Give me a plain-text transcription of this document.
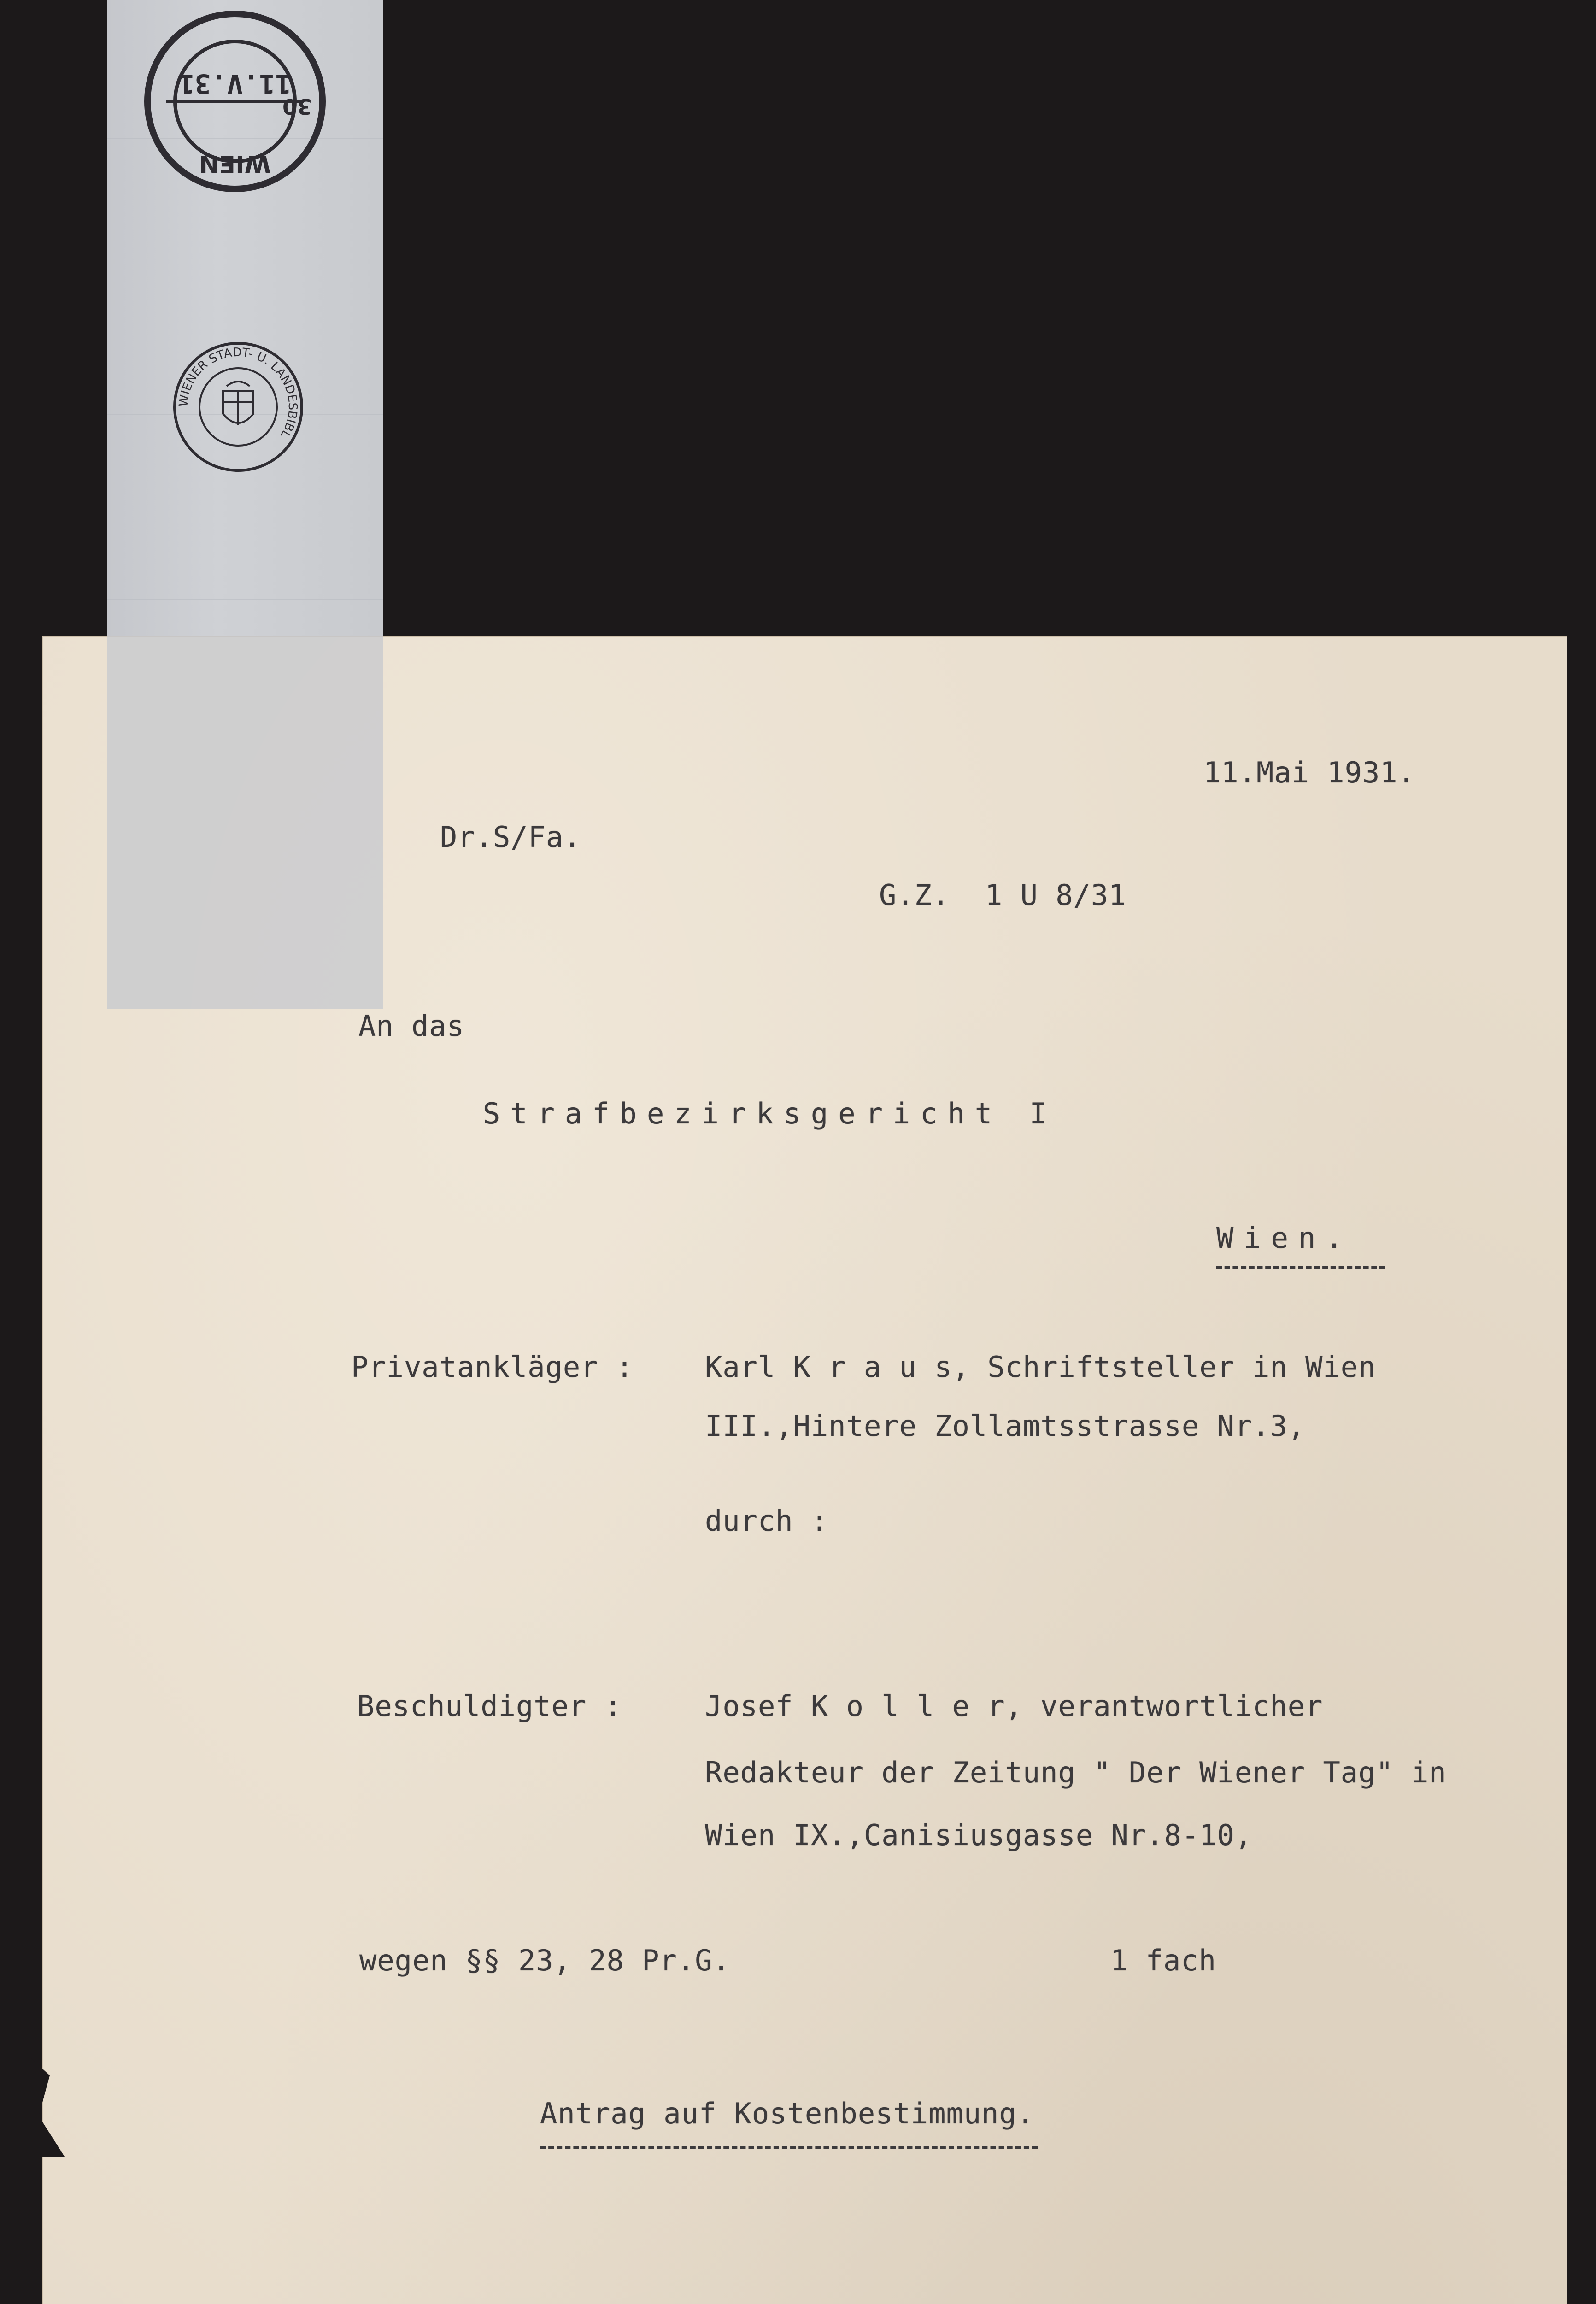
WIEN
11.V.31
30
WIENER STADT- U. LANDESBIBL
11.Mai 1931.
Dr.S/Fa.
G.Z.  1 U 8/31
An das
Strafbezirksgericht I
Wien.
Privatankläger : Karl K r a u s, Schriftsteller in Wien
III.,Hintere Zollamtsstrasse Nr.3,
durch :
Beschuldigter :	Josef K o l l e r, verantwortlicher
Redakteur der Zeitung " Der Wiener Tag" in
Wien IX.,Canisiusgasse Nr.8-10,
wegen §§ 23, 28 Pr.G.	1 fach
Antrag auf Kostenbestimmung.
